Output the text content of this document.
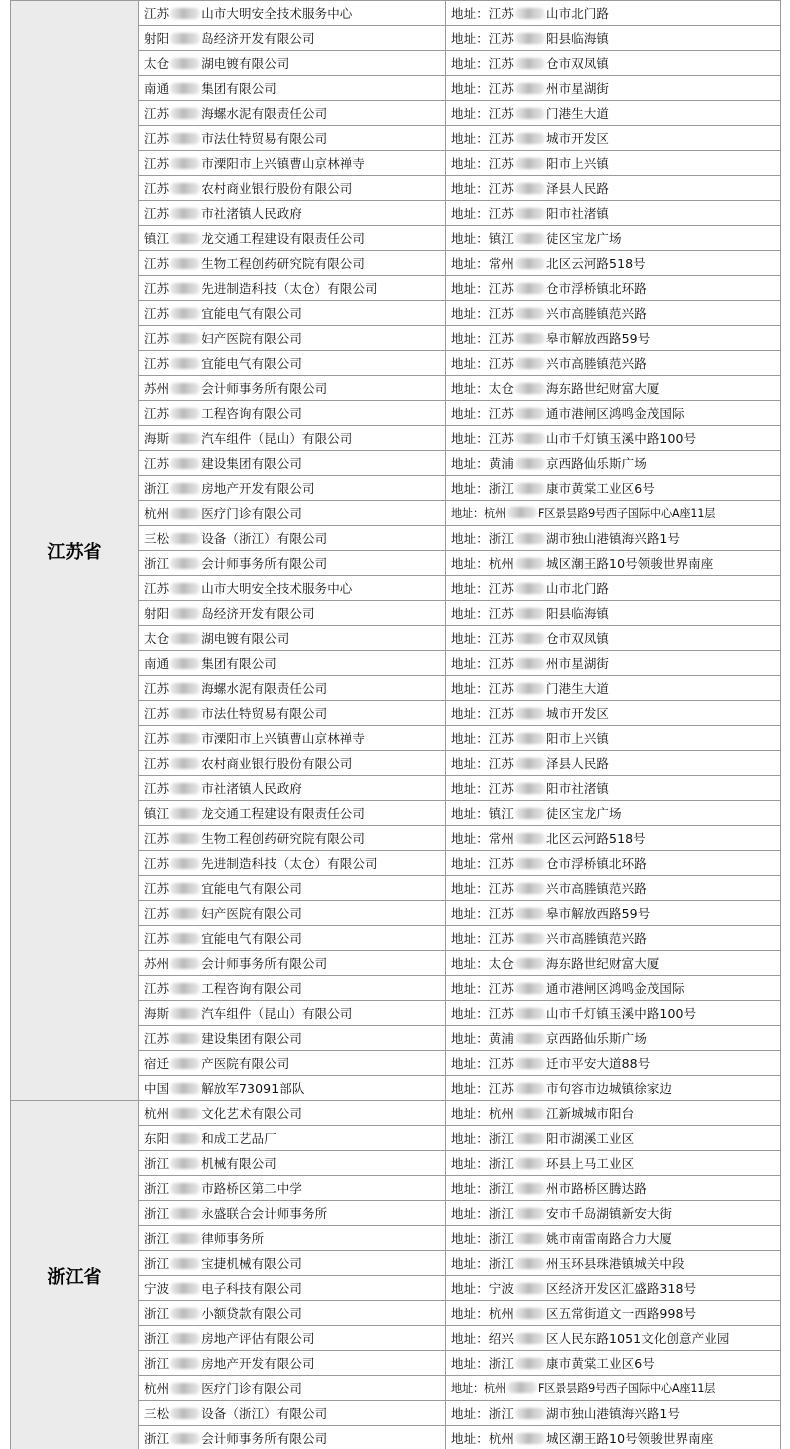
江苏省	江苏 山市大明安全技术服务中心	地址：江苏 山市北门路
	射阳 岛经济开发有限公司	地址：江苏 阳县临海镇
	太仓 湖电镀有限公司	地址：江苏 仓市双凤镇
	南通 集团有限公司	地址：江苏 州市星湖街
	江苏 海螺水泥有限责任公司	地址：江苏 门港生大道
	江苏 市法仕特贸易有限公司	地址：江苏 城市开发区
	江苏 市溧阳市上兴镇曹山京林禅寺	地址：江苏 阳市上兴镇
	江苏 农村商业银行股份有限公司	地址：江苏 泽县人民路
	江苏 市社渚镇人民政府	地址：江苏 阳市社渚镇
	镇江 龙交通工程建设有限责任公司	地址：镇江 徒区宝龙广场
	江苏 生物工程创药研究院有限公司	地址：常州 北区云河路518号
	江苏 先进制造科技（太仓）有限公司	地址：江苏 仓市浮桥镇北环路
	江苏 宜能电气有限公司	地址：江苏 兴市高塍镇范兴路
	江苏 妇产医院有限公司	地址：江苏 皋市解放西路59号
	江苏 宜能电气有限公司	地址：江苏 兴市高塍镇范兴路
	苏州 会计师事务所有限公司	地址：太仓 海东路世纪财富大厦
	江苏 工程咨询有限公司	地址：江苏 通市港闸区鸿鸣金茂国际
	海斯 汽车组件（昆山）有限公司	地址：江苏 山市千灯镇玉溪中路100号
	江苏 建设集团有限公司	地址：黄浦 京西路仙乐斯广场
	浙江 房地产开发有限公司	地址：浙江 康市黄棠工业区6号
	杭州 医疗门诊有限公司	地址：杭州 F区景昙路9号西子国际中心A座11层
	三松 设备（浙江）有限公司	地址：浙江 湖市独山港镇海兴路1号
	浙江 会计师事务所有限公司	地址：杭州 城区潮王路10号领骏世界南座
	江苏 山市大明安全技术服务中心	地址：江苏 山市北门路
	射阳 岛经济开发有限公司	地址：江苏 阳县临海镇
	太仓 湖电镀有限公司	地址：江苏 仓市双凤镇
	南通 集团有限公司	地址：江苏 州市星湖街
	江苏 海螺水泥有限责任公司	地址：江苏 门港生大道
	江苏 市法仕特贸易有限公司	地址：江苏 城市开发区
	江苏 市溧阳市上兴镇曹山京林禅寺	地址：江苏 阳市上兴镇
	江苏 农村商业银行股份有限公司	地址：江苏 泽县人民路
	江苏 市社渚镇人民政府	地址：江苏 阳市社渚镇
	镇江 龙交通工程建设有限责任公司	地址：镇江 徒区宝龙广场
	江苏 生物工程创药研究院有限公司	地址：常州 北区云河路518号
	江苏 先进制造科技（太仓）有限公司	地址：江苏 仓市浮桥镇北环路
	江苏 宜能电气有限公司	地址：江苏 兴市高塍镇范兴路
	江苏 妇产医院有限公司	地址：江苏 皋市解放西路59号
	江苏 宜能电气有限公司	地址：江苏 兴市高塍镇范兴路
	苏州 会计师事务所有限公司	地址：太仓 海东路世纪财富大厦
	江苏 工程咨询有限公司	地址：江苏 通市港闸区鸿鸣金茂国际
	海斯 汽车组件（昆山）有限公司	地址：江苏 山市千灯镇玉溪中路100号
	江苏 建设集团有限公司	地址：黄浦 京西路仙乐斯广场
	宿迁 产医院有限公司	地址：江苏 迁市平安大道88号
	中国 解放军73091部队	地址：江苏 市句容市边城镇徐家边
浙江省	杭州 文化艺术有限公司	地址：杭州 江新城城市阳台
	东阳 和成工艺品厂	地址：浙江 阳市湖溪工业区
	浙江 机械有限公司	地址：浙江 环县上马工业区
	浙江 市路桥区第二中学	地址：浙江 州市路桥区腾达路
	浙江 永盛联合会计师事务所	地址：浙江 安市千岛湖镇新安大街
	浙江 律师事务所	地址：浙江 姚市南雷南路合力大厦
	浙江 宝捷机械有限公司	地址：浙江 州玉环县珠港镇城关中段
	宁波 电子科技有限公司	地址：宁波 区经济开发区汇盛路318号
	浙江 小额贷款有限公司	地址：杭州 区五常街道文一西路998号
	浙江 房地产评估有限公司	地址：绍兴 区人民东路1051文化创意产业园
	浙江 房地产开发有限公司	地址：浙江 康市黄棠工业区6号
	杭州 医疗门诊有限公司	地址：杭州 F区景昙路9号西子国际中心A座11层
	三松 设备（浙江）有限公司	地址：浙江 湖市独山港镇海兴路1号
	浙江 会计师事务所有限公司	地址：杭州 城区潮王路10号领骏世界南座
